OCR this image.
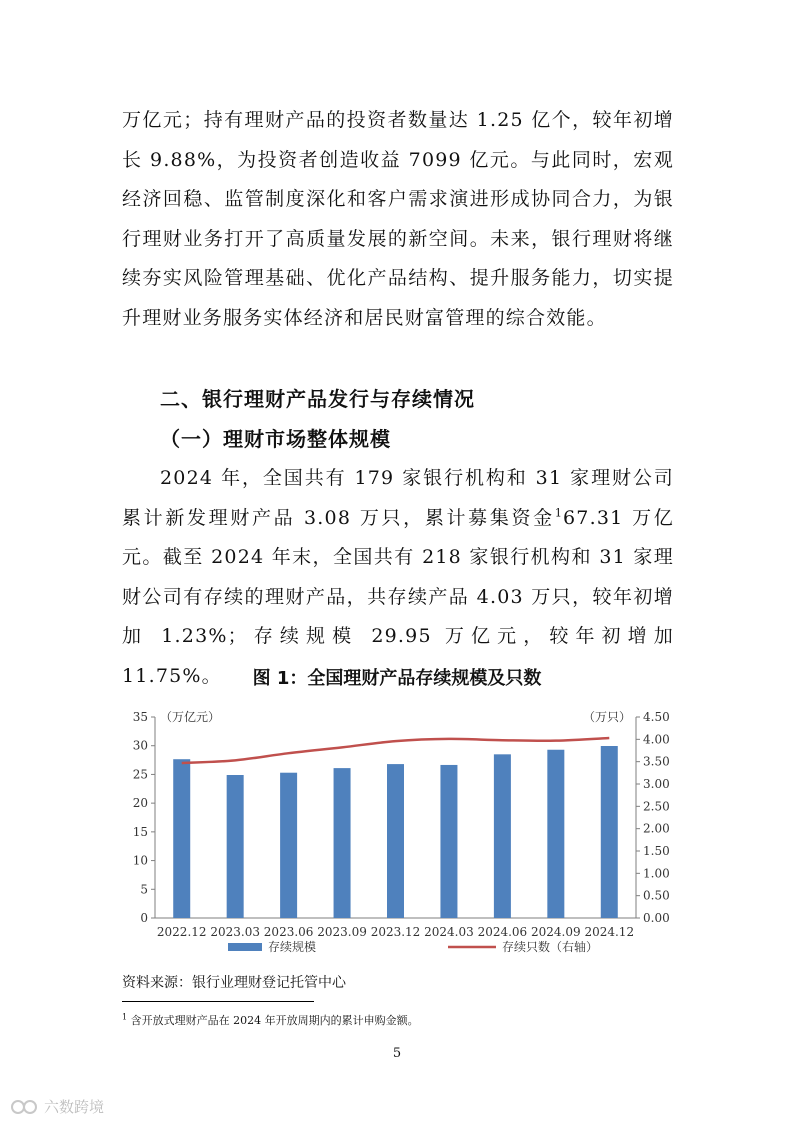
万亿元；持有理财产品的投资者数量达 1.25 亿个，较年初增长 9.88%，为投资者创造收益 7099 亿元。与此同时，宏观经济回稳、监管制度深化和客户需求演进形成协同合力，为银行理财业务打开了高质量发展的新空间。未来，银行理财将继续夯实风险管理基础、优化产品结构、提升服务能力，切实提升理财业务服务实体经济和居民财富管理的综合效能。

二、银行理财产品发行与存续情况
（一）理财市场整体规模

2024 年，全国共有 179 家银行机构和 31 家理财公司累计新发理财产品 3.08 万只，累计募集资金$^1$67.31 万亿元。截至 2024 年末，全国共有 218 家银行机构和 31 家理财公司有存续的理财产品，共存续产品 4.03 万只，较年初增加 1.23%；存续规模 29.95 万亿元，较年初增加 11.75%。	图 1：全国理财产品存续规模及只数
0
5
10
15
20
25
30
35
0.00
0.50
1.00
1.50
2.00
2.50
3.00
3.50
4.00
4.50
（万亿元）	（万只）
2022.12 2023.03 2023.06 2023.09 2023.12 2024.03 2024.06 2024.09 2024.12
存续规模	存续只数（右轴）
资料来源：银行业理财登记托管中心
$^1$ 含开放式理财产品在 2024 年开放周期内的累计申购金额。
5
六数跨境
